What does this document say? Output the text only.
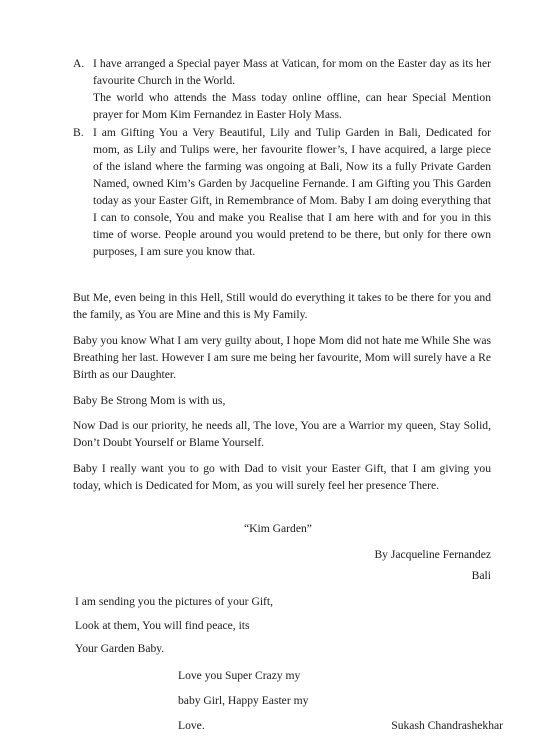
A. I have arranged a Special payer Mass at Vatican, for mom on the Easter day as its her favourite Church in the World.
The world who attends the Mass today online offline, can hear Special Mention prayer for Mom Kim Fernandez in Easter Holy Mass.
B. I am Gifting You a Very Beautiful, Lily and Tulip Garden in Bali, Dedicated for mom, as Lily and Tulips were, her favourite flower’s, I have acquired, a large piece of the island where the farming was ongoing at Bali, Now its a fully Private Garden Named, owned Kim’s Garden by Jacqueline Fernande. I am Gifting you This Garden today as your Easter Gift, in Remembrance of Mom. Baby I am doing everything that I can to console, You and make you Realise that I am here with and for you in this time of worse. People around you would pretend to be there, but only for there own purposes, I am sure you know that.

But Me, even being in this Hell, Still would do everything it takes to be there for you and the family, as You are Mine and this is My Family.

Baby you know What I am very guilty about, I hope Mom did not hate me While She was Breathing her last. However I am sure me being her favourite, Mom will surely have a Re Birth as our Daughter.

Baby Be Strong Mom is with us,

Now Dad is our priority, he needs all, The love, You are a Warrior my queen, Stay Solid, Don’t Doubt Yourself or Blame Yourself.

Baby I really want you to go with Dad to visit your Easter Gift, that I am giving you today, which is Dedicated for Mom, as you will surely feel her presence There.

“Kim Garden”
By Jacqueline Fernandez
Bali
I am sending you the pictures of your Gift,
Look at them, You will find peace, its
Your Garden Baby.
Love you Super Crazy my
baby Girl, Happy Easter my
Love.	Sukash Chandrashekhar
